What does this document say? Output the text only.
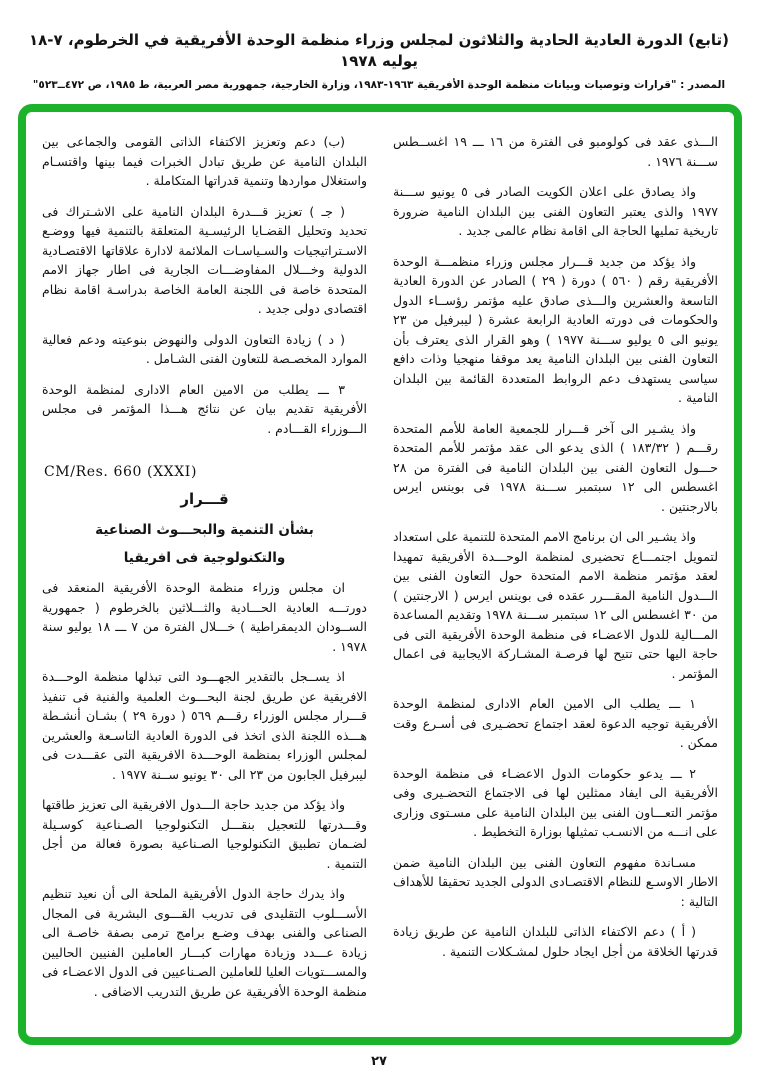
(تابع) الدورة العادية الحادية والثلاثون لمجلس وزراء منظمة الوحدة الأفريقية في الخرطوم، ٧-١٨ يوليه ١٩٧٨
المصدر : "قرارات وتوصيات وبيانات منظمة الوحدة الأفريقية ١٩٦٣-١٩٨٣، وزارة الخارجية، جمهورية مصر العربية، ط ١٩٨٥، ص ٤٧٢ــ٥٢٣"

الـــذى عقد فى كولومبو فى الفترة من ١٦ ـــ ١٩ اغســطس ســـنة ١٩٧٦ .

واذ يصادق على اعلان الكويت الصادر فى ٥ يونيو ســـنة ١٩٧٧ والذى يعتبر التعاون الفنى بين البلدان النامية ضرورة تاريخية تمليها الحاجة الى اقامة نظام عالمى جديد .

واذ يؤكد من جديد قـــرار مجلس وزراء منظمـــة الوحدة الأفريقية رقم ( ٥٦٠ ) دورة ( ٢٩ ) الصادر عن الدورة العادية التاسعة والعشرين والـــذى صادق عليه مؤتمر رؤســاء الدول والحكومات فى دورته العادية الرابعة عشرة ( ليبرفيل من ٢٣ يونيو الى ٥ يوليو ســـنة ١٩٧٧ ) وهو القرار الذى يعترف بأن التعاون الفنى بين البلدان النامية يعد موقفا منهجيا وذات دافع سياسى يستهدف دعم الروابط المتعددة القائمة بين البلدان النامية .

واذ يشـير الى آخر قـــرار للجمعية العامة للأمم المتحدة رقـــم ( ١٨٣/٣٢ ) الذى يدعو الى عقد مؤتمر للأمم المتحدة حـــول التعاون الفنى بين البلدان النامية فى الفترة من ٢٨ اغسطس الى ١٢ سبتمبر ســـنة ١٩٧٨ فى بوينس ايرس بالارجنتين .

واذ يشـير الى ان برنامج الامم المتحدة للتنمية على استعداد لتمويل اجتمـــاع تحضيرى لمنظمة الوحـــدة الأفريقية تمهيدا لعقد مؤتمر منظمة الامم المتحدة حول التعاون الفنى بين الـــدول النامية المقـــرر عقده فى بوينس ايرس ( الارجنتين ) من ٣٠ اغسطس الى ١٢ سبتمبر ســـنة ١٩٧٨ وتقديم المساعدة المـــالية للدول الاعضـاء فى منظمة الوحدة الأفريقية التى فى حاجة اليها حتى تتيح لها فرصـة المشـاركة الايجابية فى اعمال المؤتمر .

١ ـــ يطلب الى الامين العام الادارى لمنظمة الوحدة الأفريقية توجيه الدعوة لعقد اجتماع تحضـيرى فى أسـرع وقت ممكن .

٢ ـــ يدعو حكومات الدول الاعضـاء فى منظمة الوحدة الأفريقية الى ايفاد ممثلين لها فى الاجتماع التحضـيرى وفى مؤتمر التعـــاون الفنى بين البلدان النامية على مسـتوى وزارى على انـــه من الانسـب تمثيلها بوزارة التخطيط .

مسـاندة مفهوم التعاون الفنى بين البلدان النامية ضمن الاطار الاوسـع للنظام الاقتصـادى الدولى الجديد تحقيقا للأهداف التالية :

( أ ) دعم الاكتفاء الذاتى للبلدان النامية عن طريق زيادة قدرتها الخلاقة من أجل ايجاد حلول لمشـكلات التنمية .

(ب) دعم وتعزيز الاكتفاء الذاتى القومى والجماعى بين البلدان النامية عن طريق تبادل الخبرات فيما بينها واقتسـام واستغلال مواردها وتنمية قدراتها المتكاملة .

( جـ ) تعزيز قـــدرة البلدان النامية على الاشـتراك فى تحديد وتحليل القضـايا الرئيسـية المتعلقة بالتنمية فيها ووضـع الاسـتراتيجيات والسـياسـات الملائمة لادارة علاقاتها الاقتصـادية الدولية وخـــلال المفاوضـــات الجارية فى اطار جهاز الامم المتحدة خاصة فى اللجنة العامة الخاصة بدراسـة اقامة نظام اقتصادى دولى جديد .

( د ) زيادة التعاون الدولى والنهوض بنوعيته ودعم فعالية الموارد المخصـصة للتعاون الفنى الشـامل .

٣ ـــ يطلب من الامين العام الادارى لمنظمة الوحدة الأفريقية تقديم بيان عن نتائج هـــذا المؤتمر فى مجلس الـــوزراء القـــادم .

CM/Res. 660 (XXXI)
قـــرار
بشأن التنمية والبحـــوث الصناعية
والتكنولوجية فى افريقيا

ان مجلس وزراء منظمة الوحدة الأفريقية المنعقد فى دورتـــه العادية الحـــادية والثـــلاثين بالخرطوم ( جمهورية الســودان الديمقراطية ) خـــلال الفترة من ٧ ـــ ١٨ يوليو سنة ١٩٧٨ .

اذ يســجل بالتقدير الجهـــود التى تبذلها منظمة الوحـــدة الافريقية عن طريق لجنة البحـــوث العلمية والفنية فى تنفيذ قـــرار مجلس الوزراء رقـــم ٥٦٩ ( دورة ٢٩ ) بشـان أنشـطة هـــذه اللجنة الذى اتخذ فى الدورة العادية التاسـعة والعشرين لمجلس الوزراء بمنظمة الوحـــدة الافريقية التى عقـــدت فى ليبرفيل الجابون من ٢٣ الى ٣٠ يونيو ســنة ١٩٧٧ .

واذ يؤكد من جديد حاجة الـــدول الافريقية الى تعزيز طاقتها وقـــدرتها للتعجيل بنقـــل التكنولوجيا الصـناعية كوسـيلة لضـمان تطبيق التكنولوجيا الصـناعية بصورة فعالة من أجل التنمية .

واذ يدرك حاجة الدول الأفريقية الملحة الى أن نعيد تنظيم الأســـلوب التقليدى فى تدريب القـــوى البشرية فى المجال الصناعى والفنى بهدف وضـع برامج ترمى بصفة خاصـة الى زيادة عـــدد وزيادة مهارات كبـــار العاملين الفنيين الحاليين والمســـتويات العليا للعاملين الصـناعيين فى الدول الاعضـاء فى منظمة الوحدة الأفريقية عن طريق التدريب الاضافى .

٢٧
